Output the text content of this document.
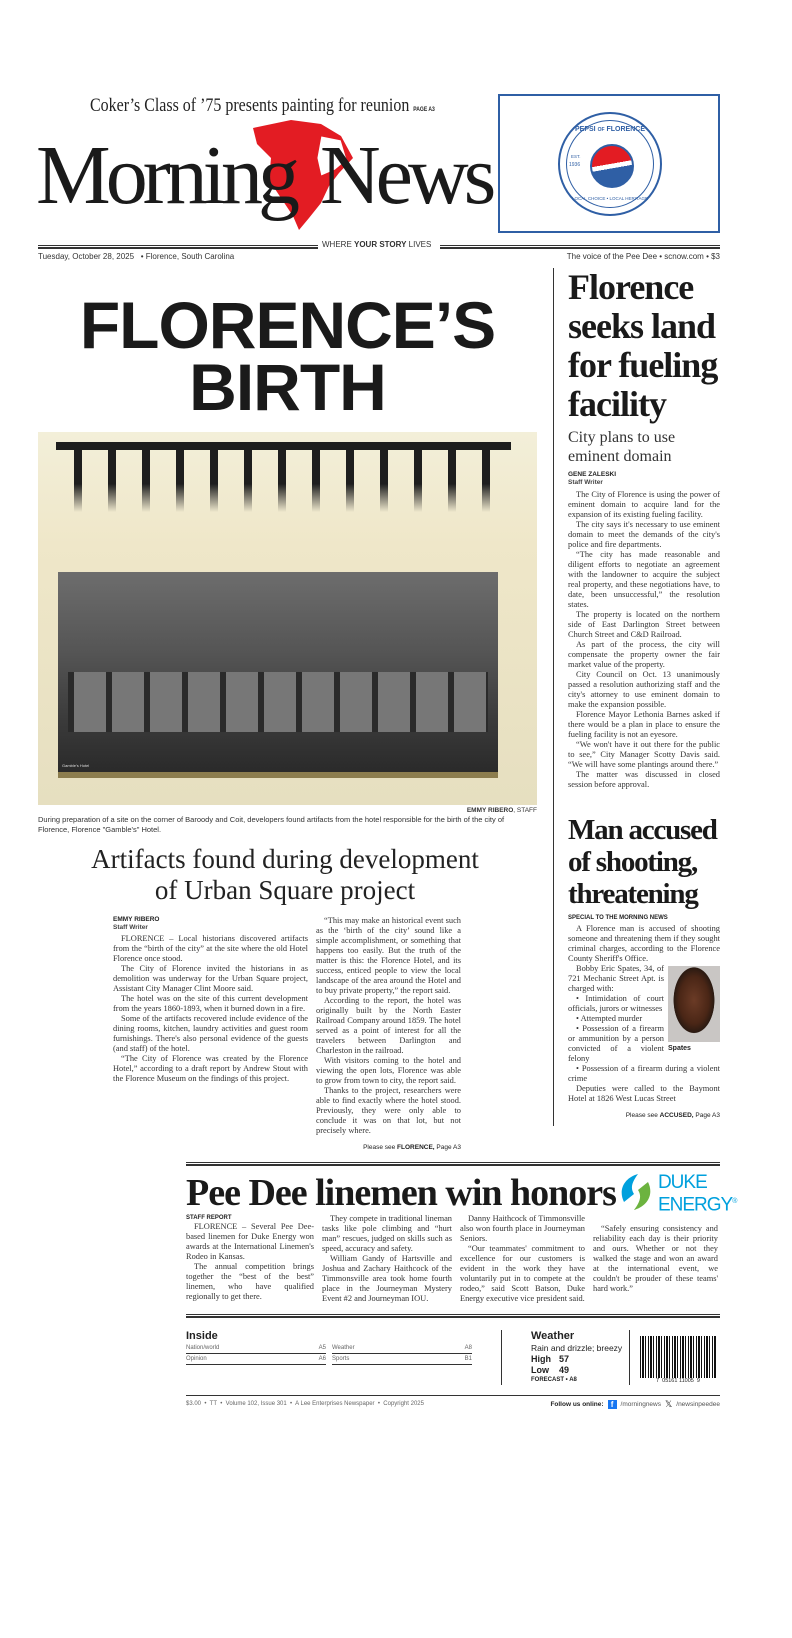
Coker’s Class of ’75 presents painting for reunion PAGE A3
Morning News	PEPSI OF FLORENCE
EST.
1936
LOCAL CHOICE • LOCAL HERITAGE
WHERE YOUR STORY LIVES
Tuesday, October 28, 2025 • Florence, South Carolina	The voice of the Pee Dee • scnow.com • $3
FLORENCE’S
BIRTH
Gamble's Hotel
EMMY RIBERO, STAFF
During preparation of a site on the corner of Baroody and Coit, developers found artifacts from the hotel responsible for the birth of the city of Florence, Florence "Gamble's" Hotel.
Artifacts found during development
of Urban Square project
EMMY RIBERO
Staff Writer

FLORENCE – Local historians discovered artifacts from the “birth of the city” at the site where the old Hotel Florence once stood.

The City of Florence invited the historians in as demolition was underway for the Urban Square project, Assistant City Manager Clint Moore said.

The hotel was on the site of this current development from the years 1860-1893, when it burned down in a fire.

Some of the artifacts recovered include evidence of the dining rooms, kitchen, laundry activities and guest room furnishings. There's also personal evidence of the guests (and staff) of the hotel.

“The City of Florence was created by the Florence Hotel,” according to a draft report by Andrew Stout with the Florence Museum on the findings of this project.

“This may make an historical event such as the ‘birth of the city’ sound like a simple accomplishment, or something that happens too easily. But the truth of the matter is this: the Florence Hotel, and its success, enticed people to view the local landscape of the area around the Hotel and to buy private property,” the report said.

According to the report, the hotel was originally built by the North Easter Railroad Company around 1859. The hotel served as a point of interest for all the travelers between Darlington and Charleston in the railroad.

With visitors coming to the hotel and viewing the open lots, Florence was able to grow from town to city, the report said.

Thanks to the project, researchers were able to find exactly where the hotel stood. Previously, they were only able to conclude it was on that lot, but not precisely where.

Please see FLORENCE, Page A3
Florence seeks land for fueling facility
City plans to use eminent domain
GENE ZALESKI
Staff Writer

The City of Florence is using the power of eminent domain to acquire land for the expansion of its existing fueling facility.

The city says it's necessary to use eminent domain to meet the demands of the city's police and fire departments.

“The city has made reasonable and diligent efforts to negotiate an agreement with the landowner to acquire the subject real property, and these negotiations have, to date, been unsuccessful,” the resolution states.

The property is located on the northern side of East Darlington Street between Church Street and C&D Railroad.

As part of the process, the city will compensate the property owner the fair market value of the property.

City Council on Oct. 13 unanimously passed a resolution authorizing staff and the city's attorney to use eminent domain to make the expansion possible.

Florence Mayor Lethonia Barnes asked if there would be a plan in place to ensure the fueling facility is not an eyesore.

“We won't have it out there for the public to see,” City Manager Scotty Davis said. “We will have some plantings around there.”

The matter was discussed in closed session before approval.

Man accused of shooting, threatening
SPECIAL TO THE MORNING NEWS

A Florence man is accused of shooting someone and threatening them if they sought criminal charges, according to the Florence County Sheriff's Office.

Spates

Bobby Eric Spates, 34, of 721 Mechanic Street Apt. is charged with:

• Intimidation of court officials, jurors or witnesses

• Attempted murder

• Possession of a firearm or ammunition by a person convicted of a violent felony

• Possession of a firearm during a violent crime

Deputies were called to the Baymont Hotel at 1826 West Lucas Street

Please see ACCUSED, Page A3
Pee Dee linemen win honors DUKE
ENERGY®
STAFF REPORT

FLORENCE – Several Pee Dee-based linemen for Duke Energy won awards at the International Linemen's Rodeo in Kansas.

The annual competition brings together the “best of the best” linemen, who have qualified regionally to get there.

They compete in traditional lineman tasks like pole climbing and “hurt man” rescues, judged on skills such as speed, accuracy and safety.

William Gandy of Hartsville and Joshua and Zachary Haithcock of the Timmonsville area took home fourth place in the Journeyman Mystery Event #2 and Journeyman IOU.

Danny Haithcock of Timmonsville also won fourth place in Journeyman Seniors.

“Our teammates' commitment to excellence for our customers is evident in the work they have voluntarily put in to compete at the rodeo,” said Scott Batson, Duke Energy executive vice president said.

“Safely ensuring consistency and reliability each day is their priority and ours. Whether or not they walked the stage and won an award at the international event, we couldn't be prouder of these teams' hard work.”

Inside
Nation/world	A5 Weather	A8
Opinion	A6 Sports	B1
Weather
Rain and drizzle; breezy
High 57
Low 49
FORECAST • A8	7  05161 11005  9
$3.00  •  TT  •  Volume 102, Issue 301  •  A Lee Enterprises Newspaper  •  Copyright 2025	Follow us online: f	/morningnews 𝕏 /newsinpeedee
